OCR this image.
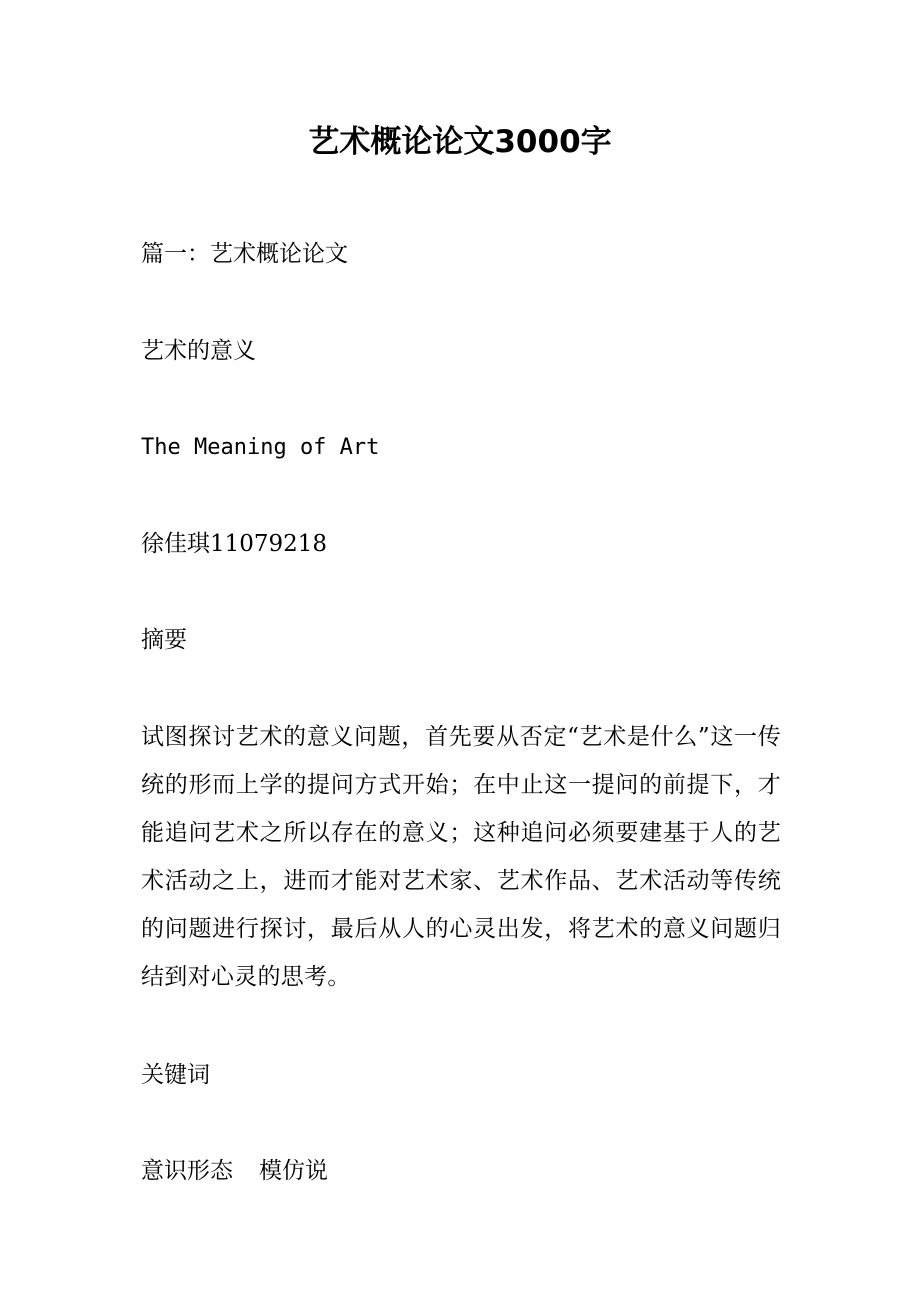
艺术概论论文3000字

篇一：艺术概论论文

艺术的意义

The Meaning of Art

徐佳琪11079218

摘要

试图探讨艺术的意义问题，首先要从否定“艺术是什么”这一传统的形而上学的提问方式开始；在中止这一提问的前提下，才能追问艺术之所以存在的意义；这种追问必须要建基于人的艺术活动之上，进而才能对艺术家、艺术作品、艺术活动等传统的问题进行探讨，最后从人的心灵出发，将艺术的意义问题归结到对心灵的思考。

关键词

意识形态 模仿说
